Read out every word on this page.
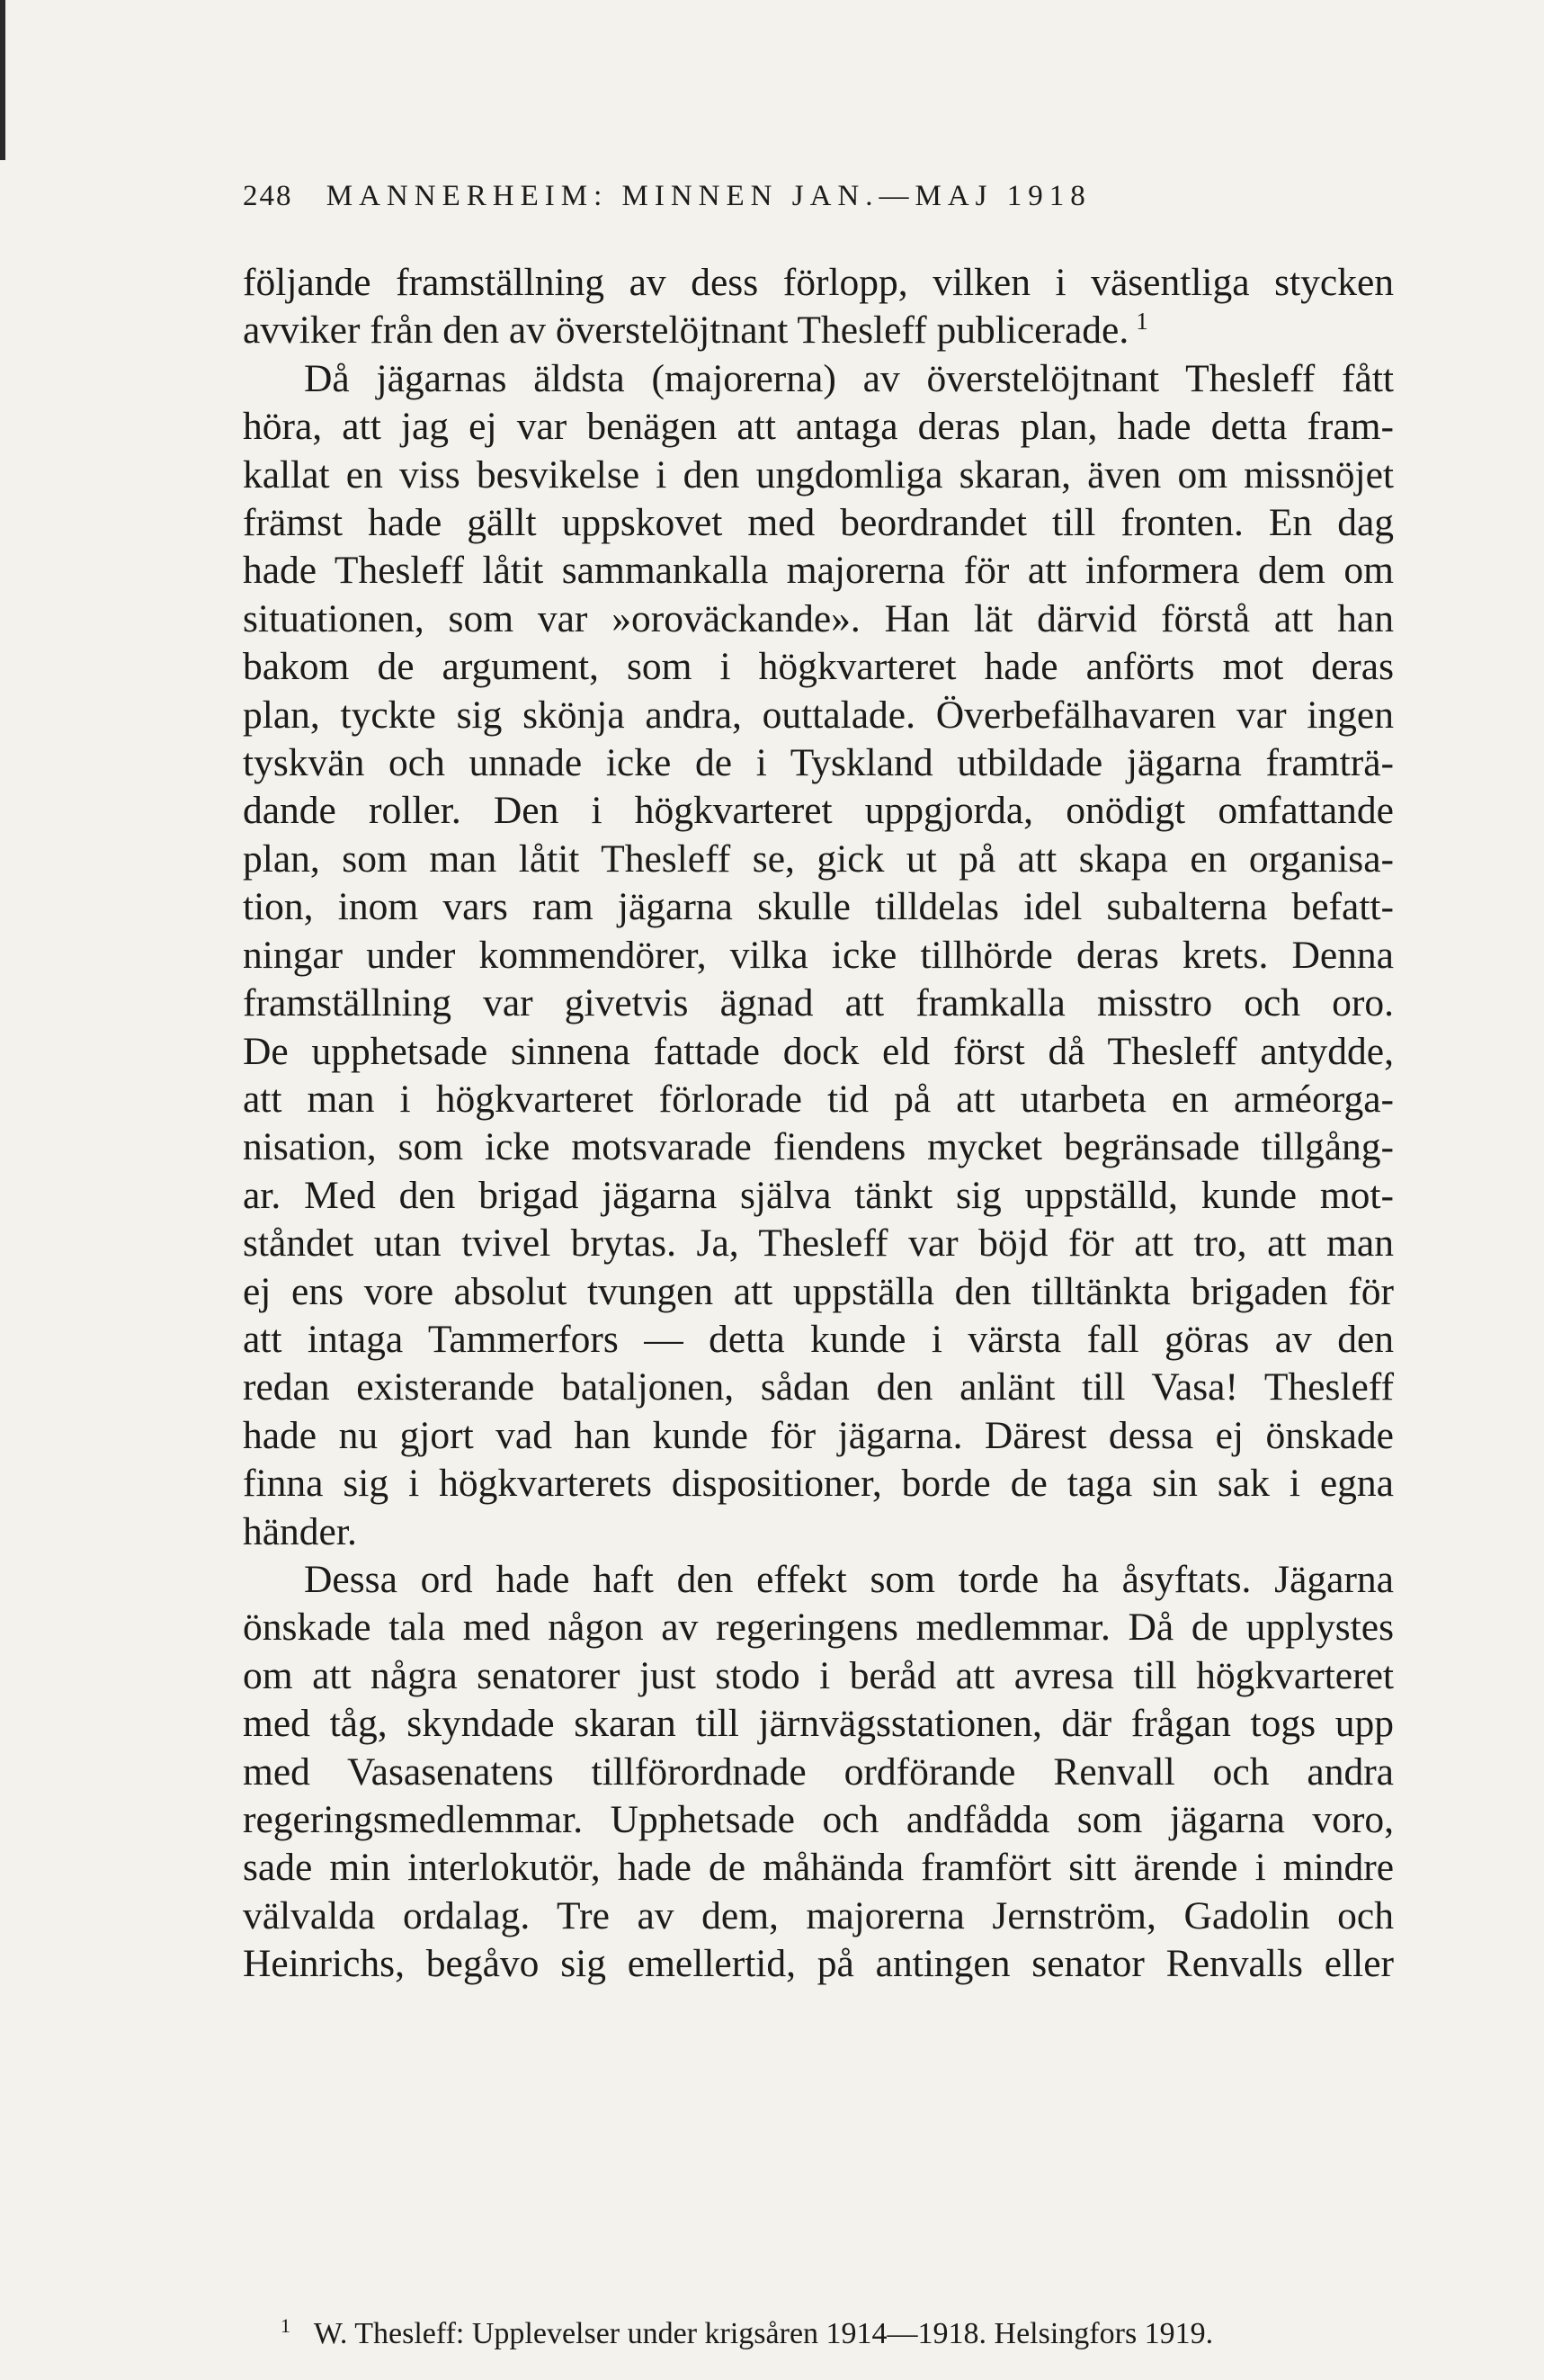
248 MANNERHEIM: MINNEN JAN.—MAJ 1918
följande framställning av dess förlopp, vilken i väsentliga stycken
avviker från den av överstelöjtnant Thesleff publicerade. $^1$
Då jägarnas äldsta (majorerna) av överstelöjtnant Thesleff fått
höra, att jag ej var benägen att antaga deras plan, hade detta fram-
kallat en viss besvikelse i den ungdomliga skaran, även om missnöjet
främst hade gällt uppskovet med beordrandet till fronten. En dag
hade Thesleff låtit sammankalla majorerna för att informera dem om
situationen, som var »oroväckande». Han lät därvid förstå att han
bakom de argument, som i högkvarteret hade anförts mot deras
plan, tyckte sig skönja andra, outtalade. Överbefälhavaren var ingen
tyskvän och unnade icke de i Tyskland utbildade jägarna framträ-
dande roller. Den i högkvarteret uppgjorda, onödigt omfattande
plan, som man låtit Thesleff se, gick ut på att skapa en organisa-
tion, inom vars ram jägarna skulle tilldelas idel subalterna befatt-
ningar under kommendörer, vilka icke tillhörde deras krets. Denna
framställning var givetvis ägnad att framkalla misstro och oro.
De upphetsade sinnena fattade dock eld först då Thesleff antydde,
att man i högkvarteret förlorade tid på att utarbeta en arméorga-
nisation, som icke motsvarade fiendens mycket begränsade tillgång-
ar. Med den brigad jägarna själva tänkt sig uppställd, kunde mot-
ståndet utan tvivel brytas. Ja, Thesleff var böjd för att tro, att man
ej ens vore absolut tvungen att uppställa den tilltänkta brigaden för
att intaga Tammerfors — detta kunde i värsta fall göras av den
redan existerande bataljonen, sådan den anlänt till Vasa! Thesleff
hade nu gjort vad han kunde för jägarna. Därest dessa ej önskade
finna sig i högkvarterets dispositioner, borde de taga sin sak i egna
händer.
Dessa ord hade haft den effekt som torde ha åsyftats. Jägarna
önskade tala med någon av regeringens medlemmar. Då de upplystes
om att några senatorer just stodo i beråd att avresa till högkvarteret
med tåg, skyndade skaran till järnvägsstationen, där frågan togs upp
med Vasasenatens tillförordnade ordförande Renvall och andra
regeringsmedlemmar. Upphetsade och andfådda som jägarna voro,
sade min interlokutör, hade de måhända framfört sitt ärende i mindre
välvalda ordalag. Tre av dem, majorerna Jernström, Gadolin och
Heinrichs, begåvo sig emellertid, på antingen senator Renvalls eller
$^1$ W. Thesleff: Upplevelser under krigsåren 1914—1918. Helsingfors 1919.
